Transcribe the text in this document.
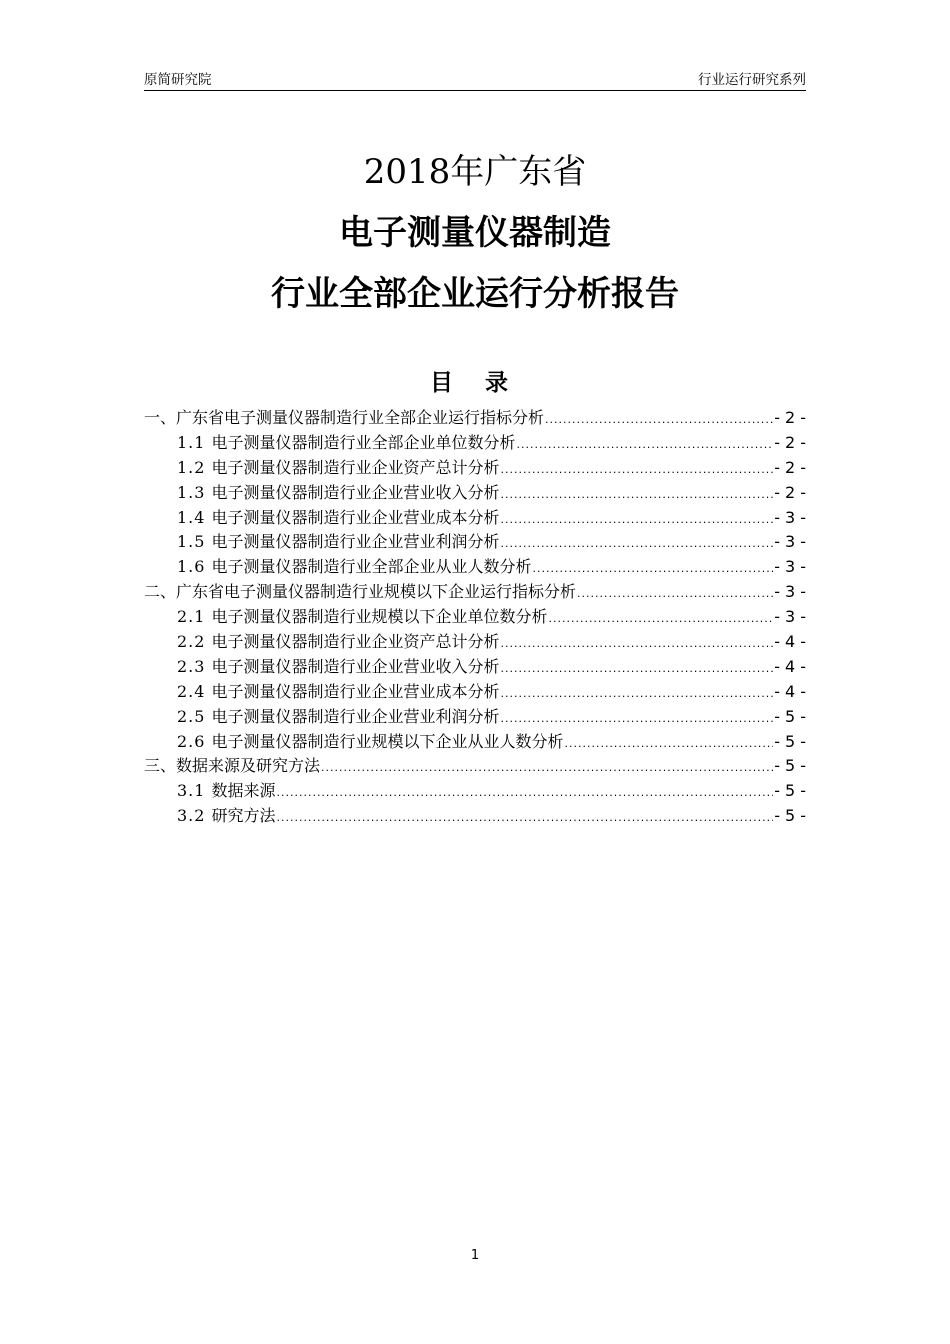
原简研究院	行业运行研究系列
2018年广东省
电子测量仪器制造
行业全部企业运行分析报告
目 录
一、广东省电子测量仪器制造行业全部企业运行指标分析 .....	-2-
1.1 电子测量仪器制造行业全部企业单位数分析 .....	-2-
1.2 电子测量仪器制造行业企业资产总计分析 .....	-2-
1.3 电子测量仪器制造行业企业营业收入分析 .....	-2-
1.4 电子测量仪器制造行业企业营业成本分析 .....	-3-
1.5 电子测量仪器制造行业企业营业利润分析 .....	-3-
1.6 电子测量仪器制造行业全部企业从业人数分析 .....	-3-
二、广东省电子测量仪器制造行业规模以下企业运行指标分析 .....	-3-
2.1 电子测量仪器制造行业规模以下企业单位数分析 .....	-3-
2.2 电子测量仪器制造行业企业资产总计分析 .....	-4-
2.3 电子测量仪器制造行业企业营业收入分析 .....	-4-
2.4 电子测量仪器制造行业企业营业成本分析 .....	-4-
2.5 电子测量仪器制造行业企业营业利润分析 .....	-5-
2.6 电子测量仪器制造行业规模以下企业从业人数分析 .....	-5-
三、数据来源及研究方法 .....	-5-
3.1 数据来源 .....	-5-
3.2 研究方法 .....	-5-
1
